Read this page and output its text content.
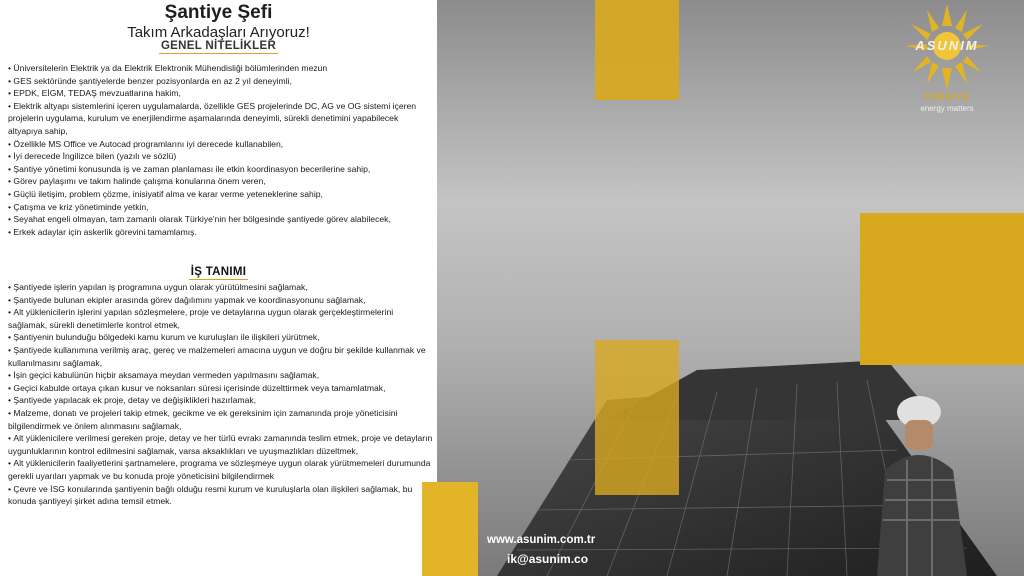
Şantiye Şefi
Takım Arkadaşları Arıyoruz!
GENEL NİTELİKLER
• Üniversitelerin Elektrik ya da Elektrik Elektronik Mühendisliği bölümlerinden mezun
• GES sektöründe şantiyelerde benzer pozisyonlarda en az 2 yıl deneyimli,
• EPDK, EİGM, TEDAŞ mevzuatlarına hakim,
• Elektrik altyapı sistemlerini içeren uygulamalarda, özellikle GES projelerinde DC, AG ve OG sistemi içeren projelerin uygulama, kurulum ve enerjilendirme aşamalarında deneyimli, sürekli denetimini yapabilecek altyapıya sahip,
• Özellikle MS Office ve Autocad programlarını iyi derecede kullanabilen,
• İyi derecede İngilizce bilen (yazılı ve sözlü)
• Şantiye yönetimi konusunda iş ve zaman planlaması ile etkin koordinasyon becerilerine sahip,
• Görev paylaşımı ve takım halinde çalışma konularına önem veren,
• Güçlü iletişim, problem çözme, inisiyatif alma ve karar verme yeteneklerine sahip,
• Çatışma ve kriz yönetiminde yetkin,
• Seyahat engeli olmayan, tam zamanlı olarak Türkiye'nin her bölgesinde şantiyede görev alabilecek,
• Erkek adaylar için askerlik görevini tamamlamış.
İŞ TANIMI
• Şantiyede işlerin yapılan iş programına uygun olarak yürütülmesini sağlamak,
• Şantiyede bulunan ekipler arasında görev dağılımını yapmak ve koordinasyonunu sağlamak,
• Alt yüklenicilerin işlerini yapılan sözleşmelere, proje ve detaylarına uygun olarak gerçekleştirmelerini sağlamak, sürekli denetimlerle kontrol etmek,
• Şantiyenin bulunduğu bölgedeki kamu kurum ve kuruluşları ile ilişkileri yürütmek,
• Şantiyede kullanımına verilmiş araç, gereç ve malzemeleri amacına uygun ve doğru bir şekilde kullanmak ve kullanılmasını sağlamak,
• İşin geçici kabulünün hiçbir aksamaya meydan vermeden yapılmasını sağlamak,
• Geçici kabulde ortaya çıkan kusur ve noksanları süresi içerisinde düzelttirmek veya tamamlatmak,
• Şantiyede yapılacak ek proje, detay ve değişiklikleri hazırlamak,
• Malzeme, donatı ve projeleri takip etmek, gecikme ve ek gereksinim için zamanında proje yöneticisini bilgilendirmek ve önlem alınmasını sağlamak,
• Alt yüklenicilere verilmesi gereken proje, detay ve her türlü evrakı zamanında teslim etmek, proje ve detayların uygunluklarının kontrol edilmesini sağlamak, varsa aksaklıkları ve uyuşmazlıkları düzeltmek,
• Alt yüklenicilerin faaliyetlerini şartnamelere, programa ve sözleşmeye uygun olarak yürütmemeleri durumunda gerekli uyarıları yapmak ve bu konuda proje yöneticisini bilgilendirmek
• Çevre ve İSG konularında şantiyenin bağlı olduğu resmi kurum ve kuruluşlarla olan ilişkileri sağlamak, bu konuda şantiyeyi şirket adına temsil etmek.
ASUNIM
TÜRKİYE
energy matters
www.asunim.com.tr
ik@asunim.co
